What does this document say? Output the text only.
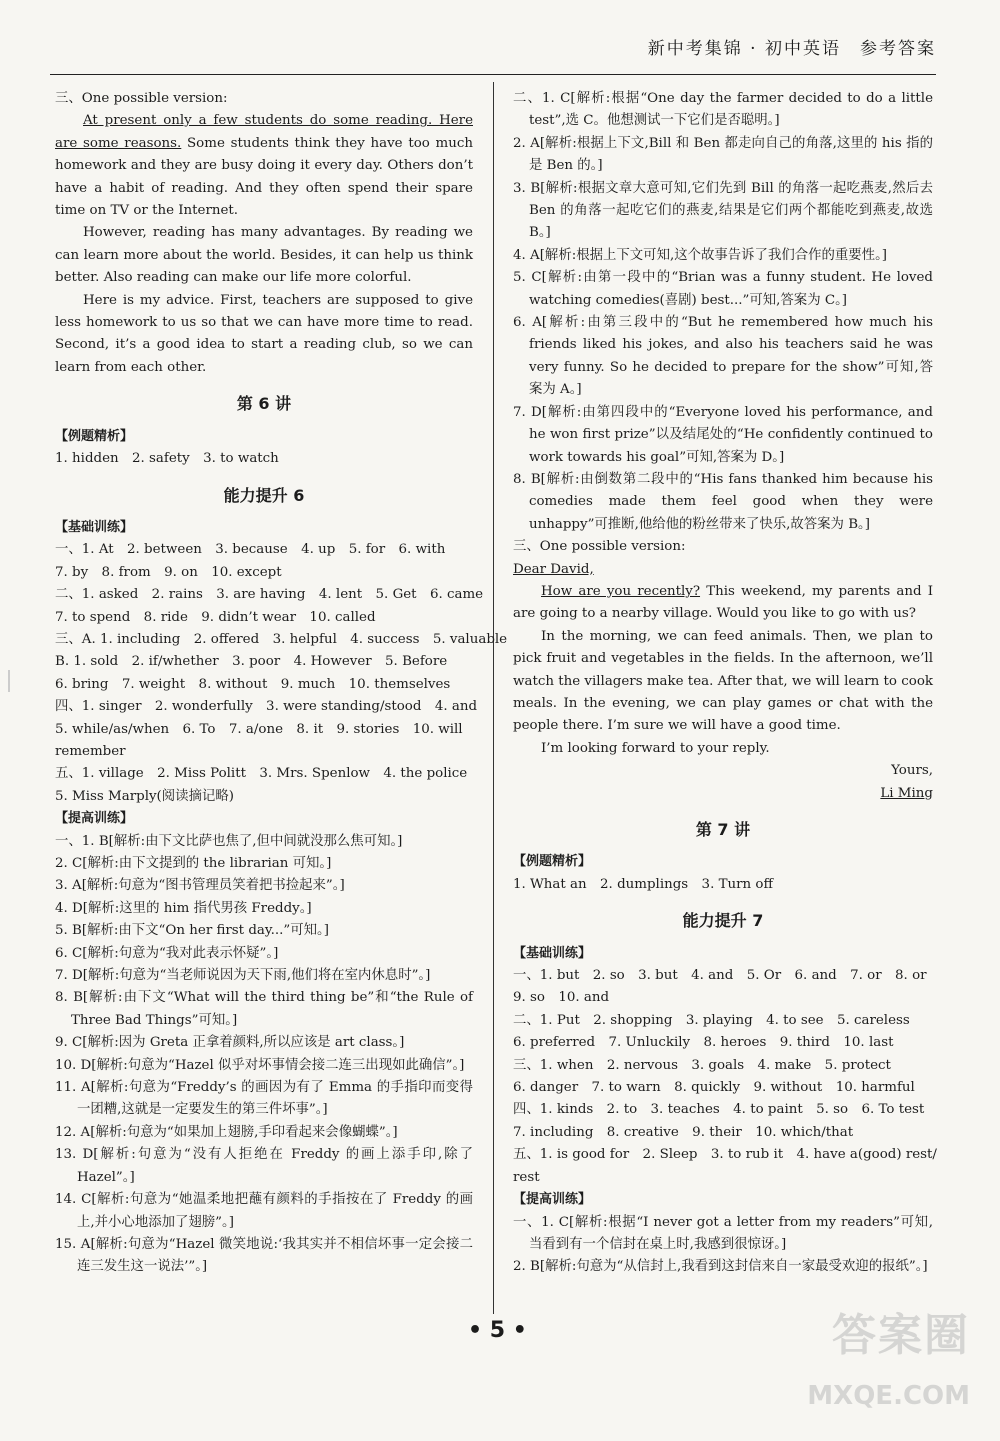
新中考集锦 · 初中英语　参考答案

三、One possible version:

At present only a few students do some reading. Here are some reasons. Some students think they have too much homework and they are busy doing it every day. Others don’t have a habit of reading. And they often spend their spare time on TV or the Internet.

However, reading has many advantages. By reading we can learn more about the world. Besides, it can help us think better. Also reading can make our life more colorful.

Here is my advice. First, teachers are supposed to give less homework to us so that we can have more time to read. Second, it’s a good idea to start a reading club, so we can learn from each other.

第 6 讲

【例题精析】

1. hidden　2. safety　3. to watch

能力提升 6

【基础训练】

一、1. At　2. between　3. because　4. up　5. for　6. with

7. by　8. from　9. on　10. except

二、1. asked　2. rains　3. are having　4. lent　5. Get　6. came

7. to spend　8. ride　9. didn’t wear　10. called

三、A. 1. including　2. offered　3. helpful　4. success　5. valuable

B. 1. sold　2. if/whether　3. poor　4. However　5. Before

6. bring　7. weight　8. without　9. much　10. themselves

四、1. singer　2. wonderfully　3. were standing/stood　4. and

5. while/as/when　6. To　7. a/one　8. it　9. stories　10. will

remember

五、1. village　2. Miss Politt　3. Mrs. Spenlow　4. the police

5. Miss Marply(阅读摘记略)

【提高训练】

一、1. B[解析:由下文比萨也焦了,但中间就没那么焦可知。]

2. C[解析:由下文提到的 the librarian 可知。]

3. A[解析:句意为“图书管理员笑着把书捡起来”。]

4. D[解析:这里的 him 指代男孩 Freddy。]

5. B[解析:由下文“On her first day...”可知。]

6. C[解析:句意为“我对此表示怀疑”。]

7. D[解析:句意为“当老师说因为天下雨,他们将在室内休息时”。]

8. B[解析:由下文“What will the third thing be”和“the Rule of Three Bad Things”可知。]

9. C[解析:因为 Greta 正拿着颜料,所以应该是 art class。]

10. D[解析:句意为“Hazel 似乎对坏事情会接二连三出现如此确信”。]

11. A[解析:句意为“Freddy’s 的画因为有了 Emma 的手指印而变得一团糟,这就是一定要发生的第三件坏事”。]

12. A[解析:句意为“如果加上翅膀,手印看起来会像蝴蝶”。]

13. D[解析:句意为“没有人拒绝在 Freddy 的画上添手印,除了 Hazel”。]

14. C[解析:句意为“她温柔地把蘸有颜料的手指按在了 Freddy 的画上,并小心地添加了翅膀”。]

15. A[解析:句意为“Hazel 微笑地说:‘我其实并不相信坏事一定会接二连三发生这一说法’”。]

二、1. C[解析:根据“One day the farmer decided to do a little test”,选 C。他想测试一下它们是否聪明。]

2. A[解析:根据上下文,Bill 和 Ben 都走向自己的角落,这里的 his 指的是 Ben 的。]

3. B[解析:根据文章大意可知,它们先到 Bill 的角落一起吃燕麦,然后去 Ben 的角落一起吃它们的燕麦,结果是它们两个都能吃到燕麦,故选 B。]

4. A[解析:根据上下文可知,这个故事告诉了我们合作的重要性。]

5. C[解析:由第一段中的“Brian was a funny student. He loved watching comedies(喜剧) best...”可知,答案为 C。]

6. A[解析:由第三段中的“But he remembered how much his friends liked his jokes, and also his teachers said he was very funny. So he decided to prepare for the show”可知,答案为 A。]

7. D[解析:由第四段中的“Everyone loved his performance, and he won first prize”以及结尾处的“He confidently continued to work towards his goal”可知,答案为 D。]

8. B[解析:由倒数第二段中的“His fans thanked him because his comedies made them feel good when they were unhappy”可推断,他给他的粉丝带来了快乐,故答案为 B。]

三、One possible version:

Dear David,

How are you recently? This weekend, my parents and I are going to a nearby village. Would you like to go with us?

In the morning, we can feed animals. Then, we plan to pick fruit and vegetables in the fields. In the afternoon, we’ll watch the villagers make tea. After that, we will learn to cook meals. In the evening, we can play games or chat with the people there. I’m sure we will have a good time.

I’m looking forward to your reply.

Yours,

Li Ming

第 7 讲

【例题精析】

1. What an　2. dumplings　3. Turn off

能力提升 7

【基础训练】

一、1. but　2. so　3. but　4. and　5. Or　6. and　7. or　8. or

9. so　10. and

二、1. Put　2. shopping　3. playing　4. to see　5. careless

6. preferred　7. Unluckily　8. heroes　9. third　10. last

三、1. when　2. nervous　3. goals　4. make　5. protect

6. danger　7. to warn　8. quickly　9. without　10. harmful

四、1. kinds　2. to　3. teaches　4. to paint　5. so　6. To test

7. including　8. creative　9. their　10. which/that

五、1. is good for　2. Sleep　3. to rub it　4. have a(good) rest/

rest

【提高训练】

一、1. C[解析:根据“I never got a letter from my readers”可知,当看到有一个信封在桌上时,我感到很惊讶。]

2. B[解析:句意为“从信封上,我看到这封信来自一家最受欢迎的报纸”。]

• 5 •	答案圈
MXQE.COM
